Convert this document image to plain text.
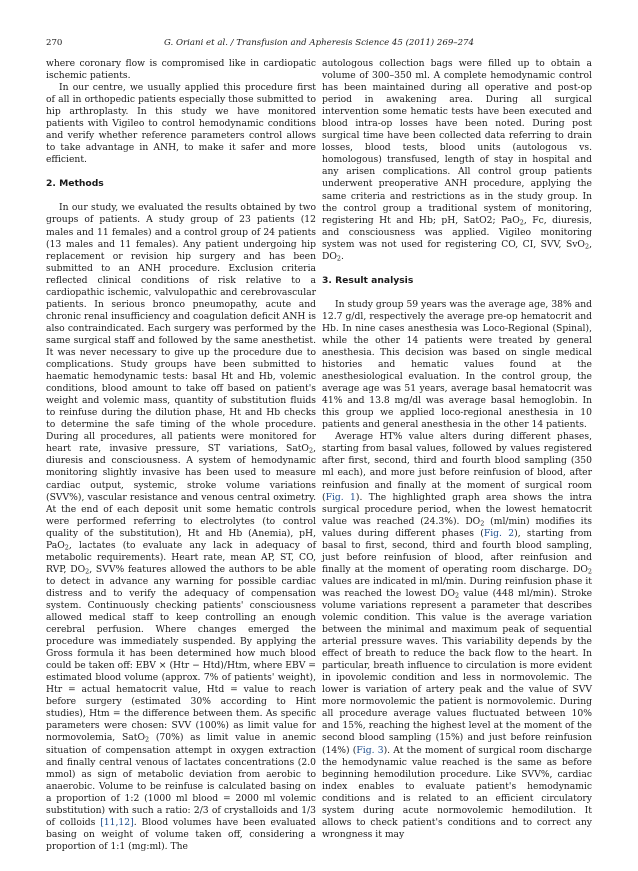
270	G. Oriani et al. / Transfusion and Apheresis Science 45 (2011) 269–274

where coronary flow is compromised like in cardiopatic ischemic patients.

In our centre, we usually applied this procedure first of all in orthopedic patients especially those submitted to hip arthroplasty. In this study we have monitored patients with Vigileo to control hemodynamic conditions and verify whether reference parameters control allows to take advantage in ANH, to make it safer and more efficient.

2. Methods

In our study, we evaluated the results obtained by two groups of patients. A study group of 23 patients (12 males and 11 females) and a control group of 24 patients (13 males and 11 females). Any patient undergoing hip replacement or revision hip surgery and has been submitted to an ANH procedure. Exclusion criteria reflected clinical conditions of risk relative to a cardiopathic ischemic, valvulopathic and cerebrovascular patients. In serious bronco pneumopathy, acute and chronic renal insufficiency and coagulation deficit ANH is also contraindicated. Each surgery was performed by the same surgical staff and followed by the same anesthetist. It was never necessary to give up the procedure due to complications. Study groups have been submitted to haematic hemodynamic tests: basal Ht and Hb, volemic conditions, blood amount to take off based on patient's weight and volemic mass, quantity of substitution fluids to reinfuse during the dilution phase, Ht and Hb checks to determine the safe timing of the whole procedure. During all procedures, all patients were monitored for heart rate, invasive pressure, ST variations, SatO$_2$, diuresis and consciousness. A system of hemodynamic monitoring slightly invasive has been used to measure cardiac output, systemic, stroke volume variations (SVV%), vascular resistance and venous central oximetry. At the end of each deposit unit some hematic controls were performed referring to electrolytes (to control quality of the substitution), Ht and Hb (Anemia), pH, PaO$_2$, lactates (to evaluate any lack in adequacy of metabolic requirements). Heart rate, mean AP, ST, CO, RVP, $DO_2$, SVV% features allowed the authors to be able to detect in advance any warning for possible cardiac distress and to verify the adequacy of compensation system. Continuously checking patients' consciousness allowed medical staff to keep controlling an enough cerebral perfusion. Where changes emerged the procedure was immediately suspended. By applying the Gross formula it has been determined how much blood could be taken off: EBV × (Htr − Htd)/Htm, where EBV = estimated blood volume (approx. 7% of patients' weight), Htr = actual hematocrit value, Htd = value to reach before surgery (estimated 30% according to Hint studies), Htm = the difference between them. As specific parameters were chosen: SVV (100%) as limit value for normovolemia, SatO$_2$ (70%) as limit value in anemic situation of compensation attempt in oxygen extraction and finally central venous of lactates concentrations (2.0 mmol) as sign of metabolic deviation from aerobic to anaerobic. Volume to be reinfuse is calculated basing on a proportion of 1:2 (1000 ml blood = 2000 ml volemic substitution) with such a ratio: 2/3 of crystalloids and 1/3 of colloids [11,12]. Blood volumes have been evaluated basing on weight of volume taken off, considering a proportion of 1:1 (mg:ml). The

autologous collection bags were filled up to obtain a volume of 300–350 ml. A complete hemodynamic control has been maintained during all operative and post-op period in awakening area. During all surgical intervention some hematic tests have been executed and blood intra-op losses have been noted. During post surgical time have been collected data referring to drain losses, blood tests, blood units (autologous vs. homologous) transfused, length of stay in hospital and any arisen complications. All control group patients underwent preoperative ANH procedure, applying the same criteria and restrictions as in the study group. In the control group a traditional system of monitoring, registering Ht and Hb; pH, SatO2; PaO$_2$, Fc, diuresis, and consciousness was applied. Vigileo monitoring system was not used for registering CO, CI, SVV, SvO$_2$, $DO_2$.

3. Result analysis

In study group 59 years was the average age, 38% and 12.7 g/dl, respectively the average pre-op hematocrit and Hb. In nine cases anesthesia was Loco-Regional (Spinal), while the other 14 patients were treated by general anesthesia. This decision was based on single medical histories and hematic values found at the anesthesiological evaluation. In the control group, the average age was 51 years, average basal hematocrit was 41% and 13.8 mg/dl was average basal hemoglobin. In this group we applied loco-regional anesthesia in 10 patients and general anesthesia in the other 14 patients.

Average HT% value alters during different phases, starting from basal values, followed by values registered after first, second, third and fourth blood sampling (350 ml each), and more just before reinfusion of blood, after reinfusion and finally at the moment of surgical room (Fig. 1). The highlighted graph area shows the intra surgical procedure period, when the lowest hematocrit value was reached (24.3%). $DO_2$ (ml/min) modifies its values during different phases (Fig. 2), starting from basal to first, second, third and fourth blood sampling, just before reinfusion of blood, after reinfusion and finally at the moment of operating room discharge. $DO_2$ values are indicated in ml/min. During reinfusion phase it was reached the lowest $DO_2$ value (448 ml/min). Stroke volume variations represent a parameter that describes volemic condition. This value is the average variation between the minimal and maximum peak of sequential arterial pressure waves. This variability depends by the effect of breath to reduce the back flow to the heart. In particular, breath influence to circulation is more evident in ipovolemic condition and less in normovolemic. The lower is variation of artery peak and the value of SVV more normovolemic the patient is normovolemic. During all procedure average values fluctuated between 10% and 15%, reaching the highest level at the moment of the second blood sampling (15%) and just before reinfusion (14%) (Fig. 3). At the moment of surgical room discharge the hemodynamic value reached is the same as before beginning hemodilution procedure. Like SVV%, cardiac index enables to evaluate patient's hemodynamic conditions and is related to an efficient circulatory system during acute normovolemic hemodilution. It allows to check patient's conditions and to correct any wrongness it may
